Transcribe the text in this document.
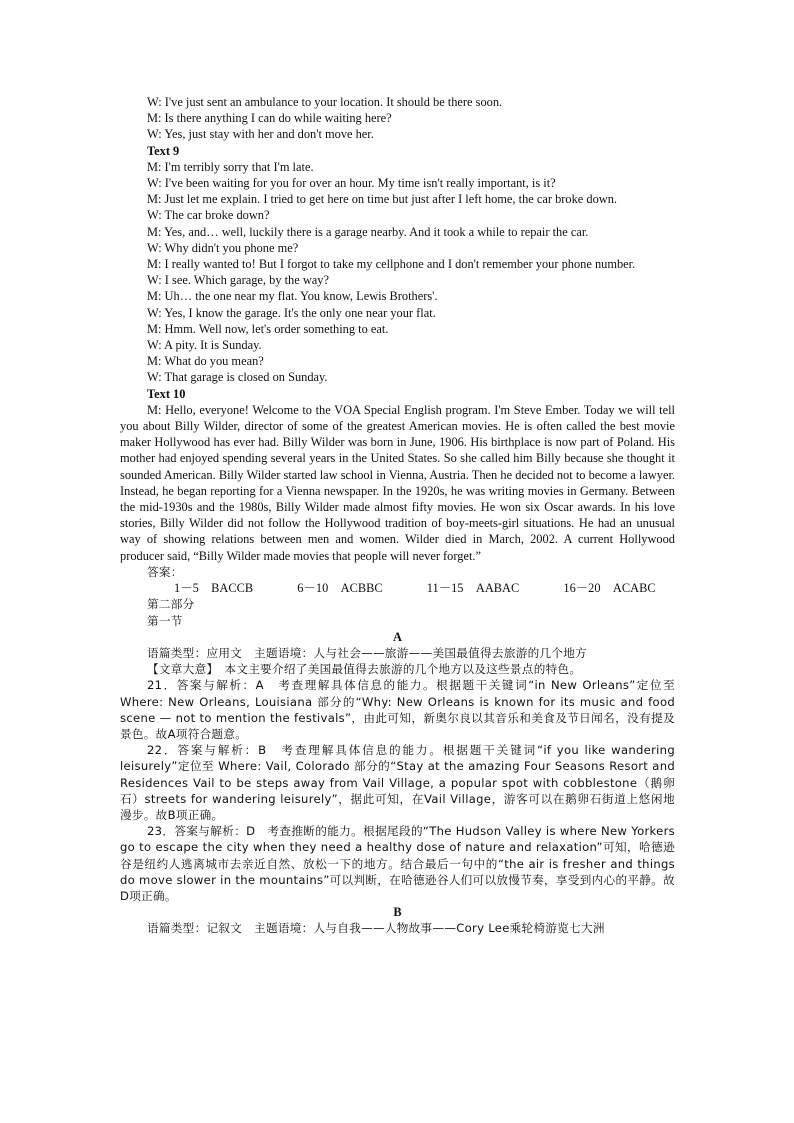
W: I've just sent an ambulance to your location. It should be there soon.

M: Is there anything I can do while waiting here?

W: Yes, just stay with her and don't move her.

Text 9

M: I'm terribly sorry that I'm late.

W: I've been waiting for you for over an hour. My time isn't really important, is it?

M: Just let me explain. I tried to get here on time but just after I left home, the car broke down.

W: The car broke down?

M: Yes, and… well, luckily there is a garage nearby. And it took a while to repair the car.

W: Why didn't you phone me?

M: I really wanted to! But I forgot to take my cellphone and I don't remember your phone number.

W: I see. Which garage, by the way?

M: Uh… the one near my flat. You know, Lewis Brothers'.

W: Yes, I know the garage. It's the only one near your flat.

M: Hmm. Well now, let's order something to eat.

W: A pity. It is Sunday.

M: What do you mean?

W: That garage is closed on Sunday.

Text 10

M: Hello, everyone! Welcome to the VOA Special English program. I'm Steve Ember. Today we will tell you about Billy Wilder, director of some of the greatest American movies. He is often called the best movie maker Hollywood has ever had. Billy Wilder was born in June, 1906. His birthplace is now part of Poland. His mother had enjoyed spending several years in the United States. So she called him Billy because she thought it sounded American. Billy Wilder started law school in Vienna, Austria. Then he decided not to become a lawyer. Instead, he began reporting for a Vienna newspaper. In the 1920s, he was writing movies in Germany. Between the mid-1930s and the 1980s, Billy Wilder made almost fifty movies. He won six Oscar awards. In his love stories, Billy Wilder did not follow the Hollywood tradition of boy-meets-girl situations. He had an unusual way of showing relations between men and women. Wilder died in March, 2002. A current Hollywood producer said, “Billy Wilder made movies that people will never forget.”

答案：

1－5　BACCB	6－10　ACBBC	11－15　AABAC	16－20　ACABC

第二部分

第一节

A

语篇类型：应用文　主题语境：人与社会——旅游——美国最值得去旅游的几个地方

【文章大意】　本文主要介绍了美国最值得去旅游的几个地方以及这些景点的特色。

21．答案与解析：A　考查理解具体信息的能力。根据题干关键词“in New Orleans”定位至 Where: New Orleans, Louisiana 部分的“Why: New Orleans is known for its music and food scene — not to mention the festivals”，由此可知，新奥尔良以其音乐和美食及节日闻名，没有提及景色。故A项符合题意。

22．答案与解析：B　考查理解具体信息的能力。根据题干关键词“if you like wandering leisurely”定位至 Where: Vail, Colorado 部分的“Stay at the amazing Four Seasons Resort and Residences Vail to be steps away from Vail Village, a popular spot with cobblestone（鹅卵石）streets for wandering leisurely”，据此可知，在Vail Village，游客可以在鹅卵石街道上悠闲地漫步。故B项正确。

23．答案与解析：D　考查推断的能力。根据尾段的“The Hudson Valley is where New Yorkers go to escape the city when they need a healthy dose of nature and relaxation”可知，哈德逊谷是纽约人逃离城市去亲近自然、放松一下的地方。结合最后一句中的“the air is fresher and things do move slower in the mountains”可以判断，在哈德逊谷人们可以放慢节奏，享受到内心的平静。故D项正确。

B

语篇类型：记叙文　主题语境：人与自我——人物故事——Cory Lee乘轮椅游览七大洲
